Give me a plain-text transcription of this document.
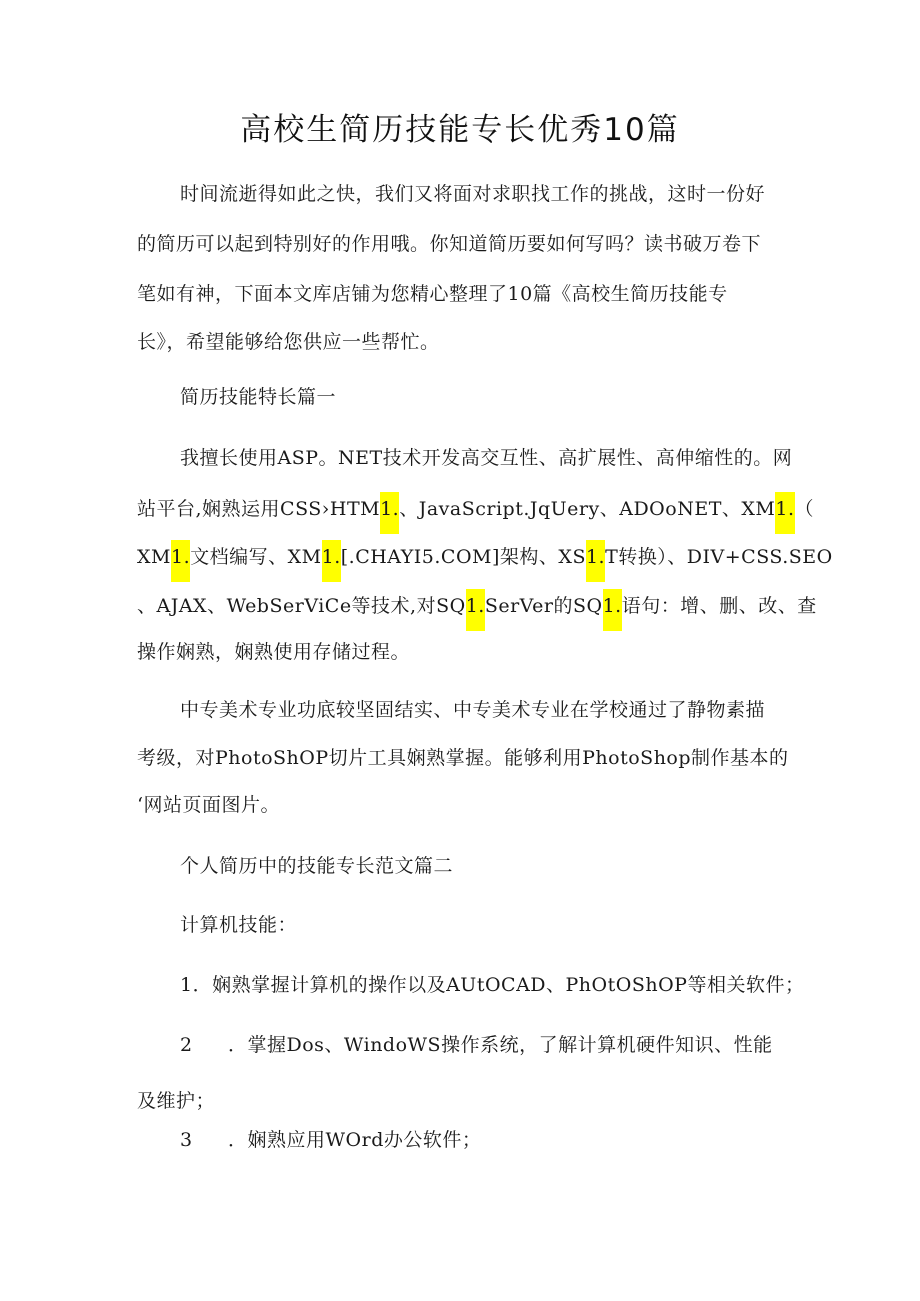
高校生简历技能专长优秀10篇

时间流逝得如此之快，我们又将面对求职找工作的挑战，这时一份好

的简历可以起到特别好的作用哦。你知道简历要如何写吗？读书破万卷下

笔如有神，下面本文库店铺为您精心整理了10篇《高校生简历技能专

长》，希望能够给您供应一些帮忙。

简历技能特长篇一

我擅长使用ASP。NET技术开发高交互性、高扩展性、高伸缩性的。网

站平台,娴熟运用CSS›HTM1.、JavaScript.JqUery、ADOoNET、XM1.（

XM1.文档编写、XM1.[.CHAYI5.COM]架构、XS1.T转换）、DIV+CSS.SEO

、AJAX、WebSerViCe等技术,对SQ1.SerVer的SQ1.语句：增、删、改、查

操作娴熟，娴熟使用存储过程。

中专美术专业功底较坚固结实、中专美术专业在学校通过了静物素描

考级，对PhotoShOP切片工具娴熟掌握。能够利用PhotoShop制作基本的

‘网站页面图片。

个人简历中的技能专长范文篇二

计算机技能：

1．娴熟掌握计算机的操作以及AUtOCAD、PhOtOShOP等相关软件；

2 ．掌握Dos、WindoWS操作系统，了解计算机硬件知识、性能

及维护；

3 ．娴熟应用WOrd办公软件；
